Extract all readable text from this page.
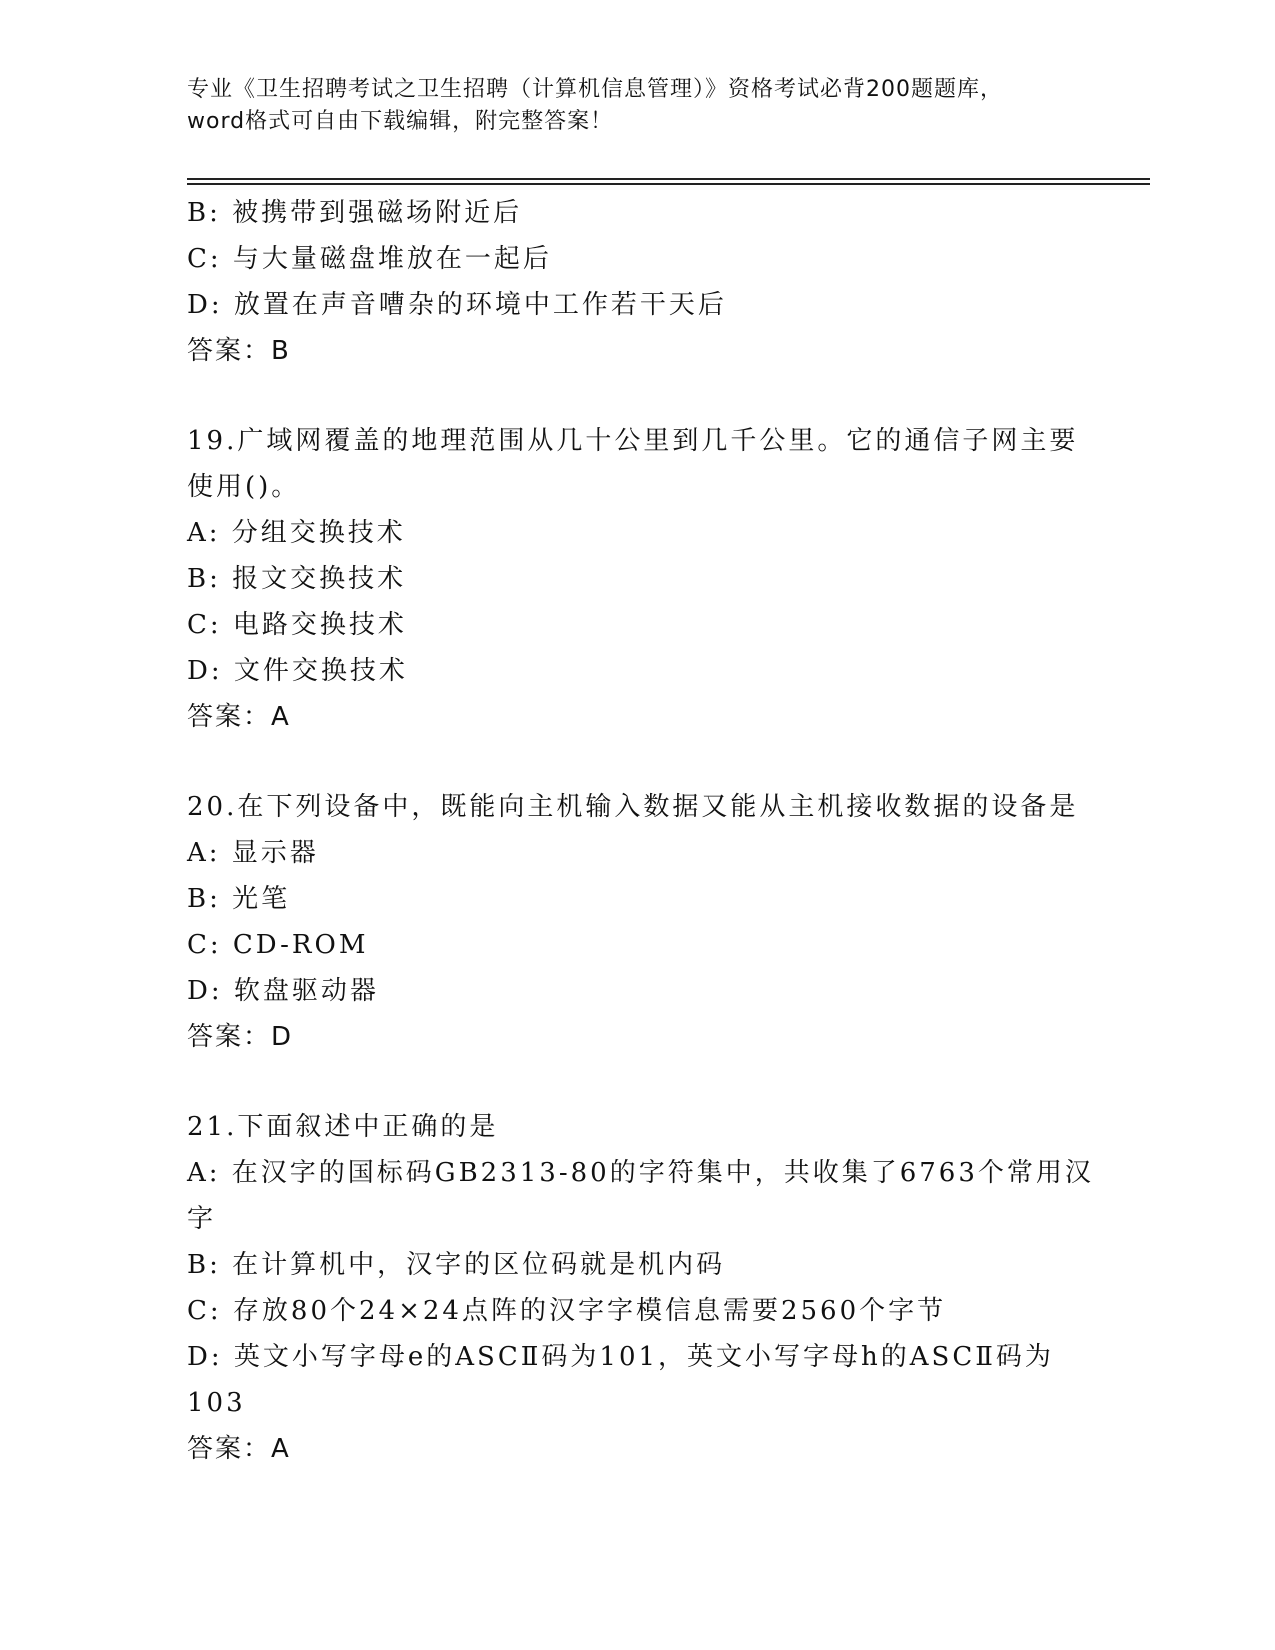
专业《卫生招聘考试之卫生招聘（计算机信息管理）》资格考试必背200题题库，
word格式可自由下载编辑，附完整答案！
B: 被携带到强磁场附近后
C: 与大量磁盘堆放在一起后
D: 放置在声音嘈杂的环境中工作若干天后
答案：B
19.广域网覆盖的地理范围从几十公里到几千公里。它的通信子网主要
使用()。
A: 分组交换技术
B: 报文交换技术
C: 电路交换技术
D: 文件交换技术
答案：A
20.在下列设备中，既能向主机输入数据又能从主机接收数据的设备是
A: 显示器
B: 光笔
C: CD-ROM
D: 软盘驱动器
答案：D
21.下面叙述中正确的是
A: 在汉字的国标码GB2313-80的字符集中，共收集了6763个常用汉
字
B: 在计算机中，汉字的区位码就是机内码
C: 存放80个24×24点阵的汉字字模信息需要2560个字节
D: 英文小写字母e的ASCⅡ码为101，英文小写字母h的ASCⅡ码为
103
答案：A
